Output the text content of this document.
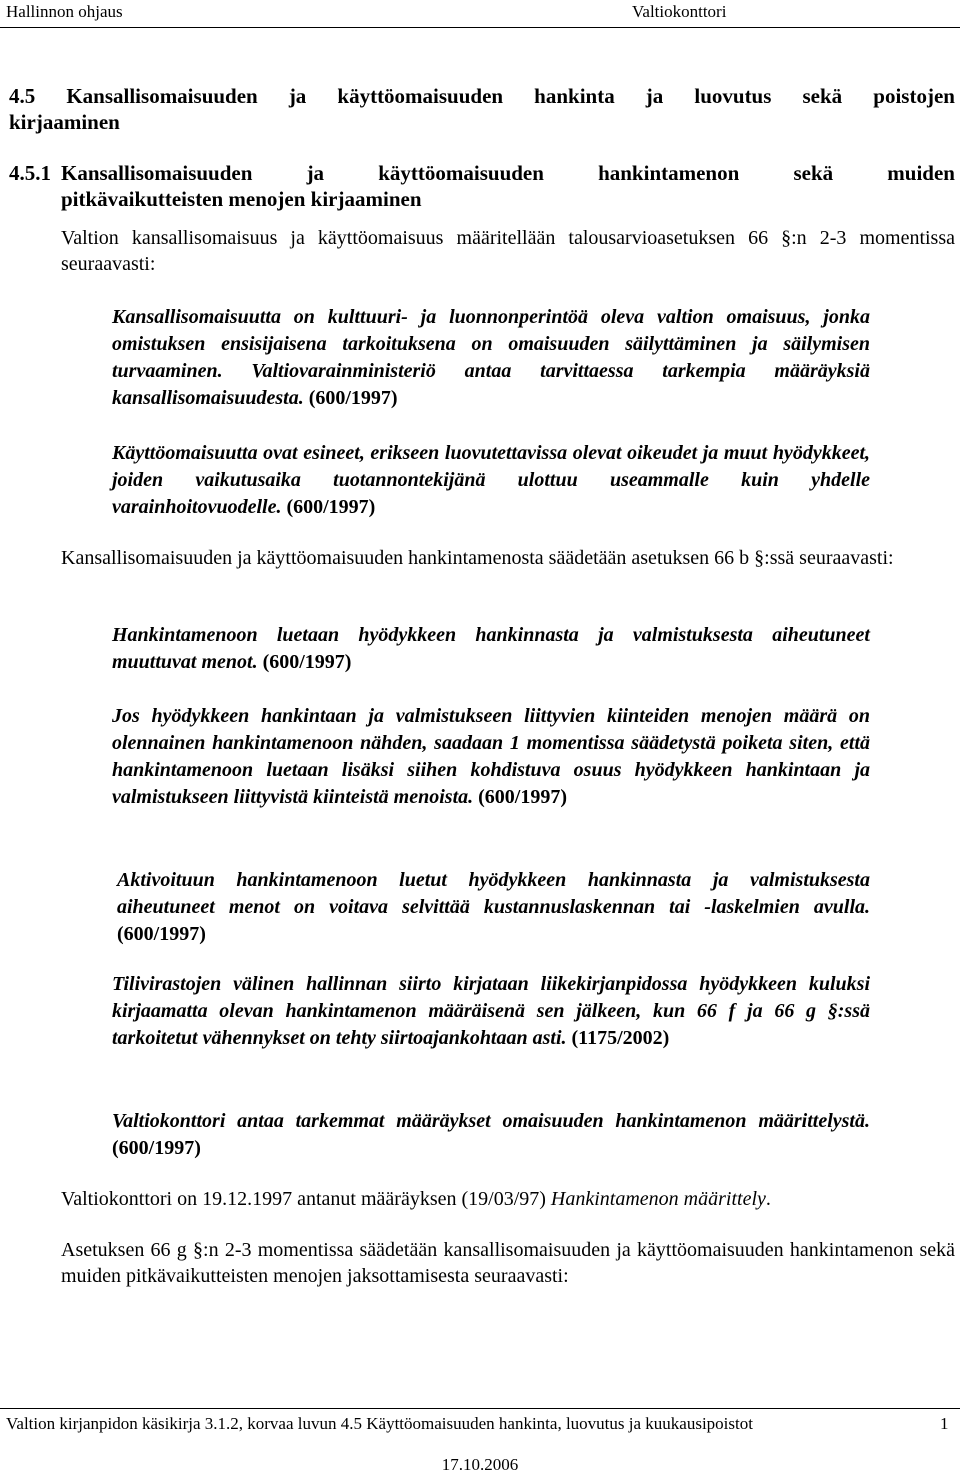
Hallinnon ohjaus	Valtiokonttori
4.5 Kansallisomaisuuden ja käyttöomaisuuden hankinta ja luovutus sekä poistojen
kirjaaminen
4.5.1 Kansallisomaisuuden	ja	käyttöomaisuuden	hankintamenon	sekä	muiden
pitkävaikutteisten menojen kirjaaminen

Valtion kansallisomaisuus ja käyttöomaisuus määritellään talousarvioasetuksen 66 §:n 2-3 momentissa seuraavasti:

Kansallisomaisuutta on kulttuuri- ja luonnonperintöä oleva valtion omaisuus, jonka omistuksen ensisijaisena tarkoituksena on omaisuuden säilyttäminen ja säilymisen turvaaminen. Valtiovarainministeriö antaa tarvittaessa tarkempia määräyksiä kansallisomaisuudesta. (600/1997)

Käyttöomaisuutta ovat esineet, erikseen luovutettavissa olevat oikeudet ja muut hyödykkeet, joiden vaikutusaika tuotannontekijänä ulottuu useammalle kuin yhdelle varainhoitovuodelle. (600/1997)

Kansallisomaisuuden ja käyttöomaisuuden hankintamenosta säädetään asetuksen 66 b §:ssä seuraavasti:

Hankintamenoon luetaan hyödykkeen hankinnasta ja valmistuksesta aiheutuneet muuttuvat menot. (600/1997)

Jos hyödykkeen hankintaan ja valmistukseen liittyvien kiinteiden menojen määrä on olennainen hankintamenoon nähden, saadaan 1 momentissa säädetystä poiketa siten, että hankintamenoon luetaan lisäksi siihen kohdistuva osuus hyödykkeen hankintaan ja valmistukseen liittyvistä kiinteistä menoista. (600/1997)

Aktivoituun hankintamenoon luetut hyödykkeen hankinnasta ja valmistuksesta aiheutuneet menot on voitava selvittää kustannuslaskennan tai -laskelmien avulla. (600/1997)

Tilivirastojen välinen hallinnan siirto kirjataan liikekirjanpidossa hyödykkeen kuluksi kirjaamatta olevan hankintamenon määräisenä sen jälkeen, kun 66 f ja 66 g §:ssä tarkoitetut vähennykset on tehty siirtoajankohtaan asti. (1175/2002)

Valtiokonttori antaa tarkemmat määräykset omaisuuden hankintamenon määrittelystä. (600/1997)

Valtiokonttori on 19.12.1997 antanut määräyksen (19/03/97) Hankintamenon määrittely.

Asetuksen 66 g §:n 2-3 momentissa säädetään kansallisomaisuuden ja käyttöomaisuuden hankintamenon sekä muiden pitkävaikutteisten menojen jaksottamisesta seuraavasti:

Valtion kirjanpidon käsikirja 3.1.2, korvaa luvun 4.5 Käyttöomaisuuden hankinta, luovutus ja kuukausipoistot	1
17.10.2006
